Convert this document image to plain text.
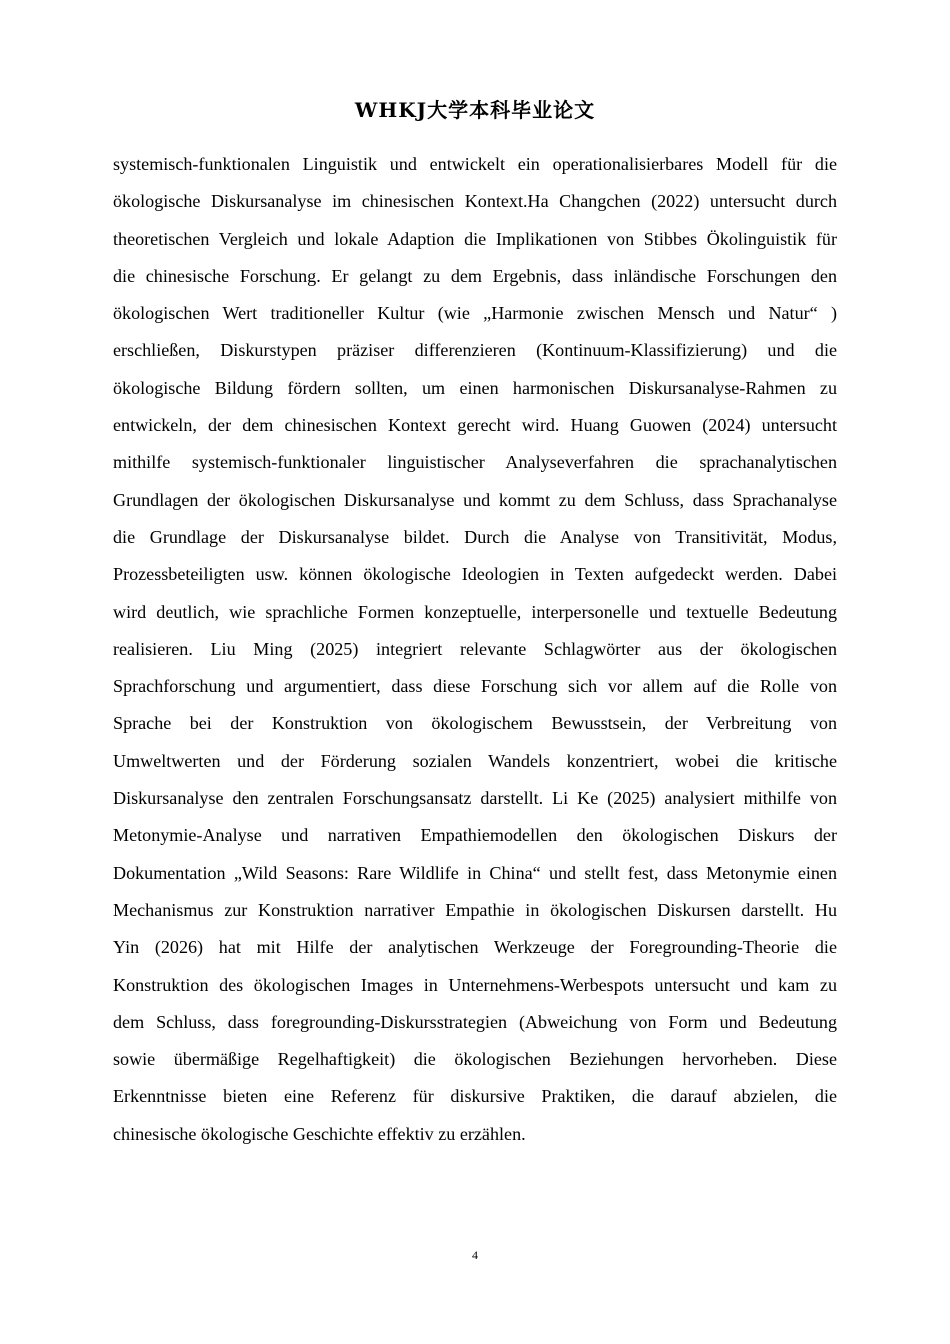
WHKJ大学本科毕业论文
systemisch-funktionalen Linguistik und entwickelt ein operationalisierbares Modell für die
ökologische Diskursanalyse im chinesischen Kontext.Ha Changchen (2022) untersucht durch
theoretischen Vergleich und lokale Adaption die Implikationen von Stibbes Ökolinguistik für
die chinesische Forschung. Er gelangt zu dem Ergebnis, dass inländische Forschungen den
ökologischen Wert traditioneller Kultur (wie „Harmonie zwischen Mensch und Natur“ )
erschließen, Diskurstypen präziser differenzieren (Kontinuum-Klassifizierung) und die
ökologische Bildung fördern sollten, um einen harmonischen Diskursanalyse-Rahmen zu
entwickeln, der dem chinesischen Kontext gerecht wird. Huang Guowen (2024) untersucht
mithilfe systemisch-funktionaler linguistischer Analyseverfahren die sprachanalytischen
Grundlagen der ökologischen Diskursanalyse und kommt zu dem Schluss, dass Sprachanalyse
die Grundlage der Diskursanalyse bildet. Durch die Analyse von Transitivität, Modus,
Prozessbeteiligten usw. können ökologische Ideologien in Texten aufgedeckt werden. Dabei
wird deutlich, wie sprachliche Formen konzeptuelle, interpersonelle und textuelle Bedeutung
realisieren. Liu Ming (2025) integriert relevante Schlagwörter aus der ökologischen
Sprachforschung und argumentiert, dass diese Forschung sich vor allem auf die Rolle von
Sprache bei der Konstruktion von ökologischem Bewusstsein, der Verbreitung von
Umweltwerten und der Förderung sozialen Wandels konzentriert, wobei die kritische
Diskursanalyse den zentralen Forschungsansatz darstellt. Li Ke (2025) analysiert mithilfe von
Metonymie-Analyse und narrativen Empathiemodellen den ökologischen Diskurs der
Dokumentation „Wild Seasons: Rare Wildlife in China“ und stellt fest, dass Metonymie einen
Mechanismus zur Konstruktion narrativer Empathie in ökologischen Diskursen darstellt. Hu
Yin (2026) hat mit Hilfe der analytischen Werkzeuge der Foregrounding-Theorie die
Konstruktion des ökologischen Images in Unternehmens-Werbespots untersucht und kam zu
dem Schluss, dass foregrounding-Diskursstrategien (Abweichung von Form und Bedeutung
sowie übermäßige Regelhaftigkeit) die ökologischen Beziehungen hervorheben. Diese
Erkenntnisse bieten eine Referenz für diskursive Praktiken, die darauf abzielen, die
chinesische ökologische Geschichte effektiv zu erzählen.
4
